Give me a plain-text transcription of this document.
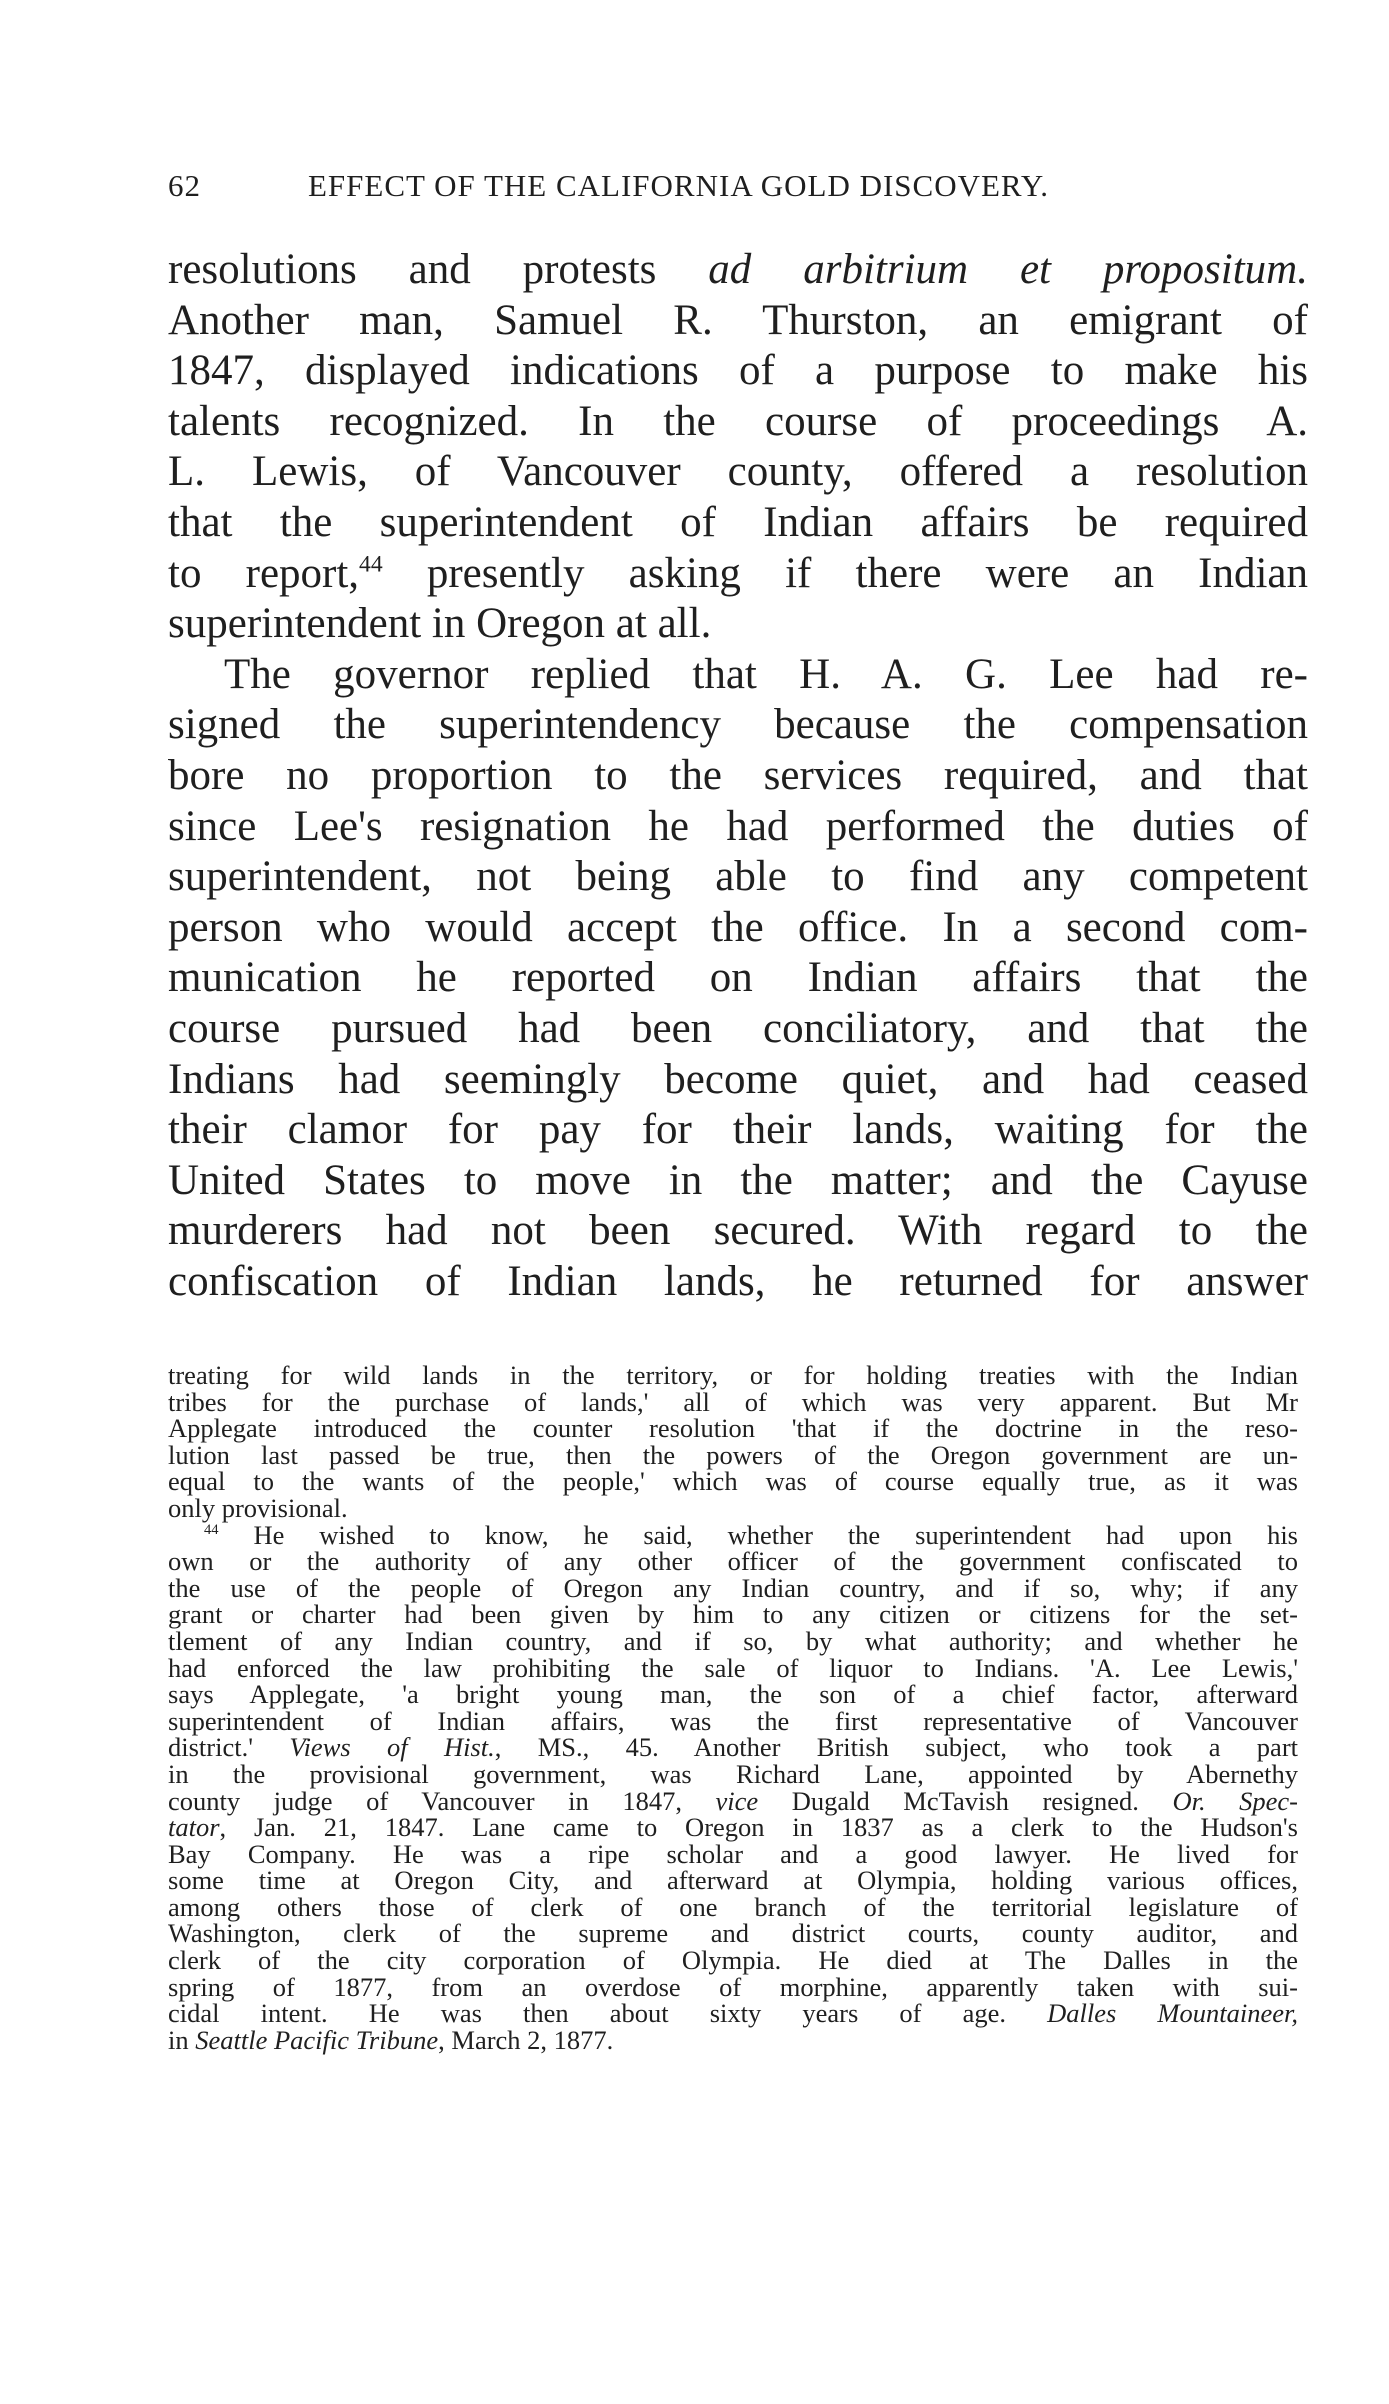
62	EFFECT OF THE CALIFORNIA GOLD DISCOVERY.

resolutions and protests ad arbitrium et propositum.
Another man, Samuel R. Thurston, an emigrant of
1847, displayed indications of a purpose to make his
talents recognized. In the course of proceedings A.
L. Lewis, of Vancouver county, offered a resolution
that the superintendent of Indian affairs be required
to report,$^{44}$ presently asking if there were an Indian
superintendent in Oregon at all.

The governor replied that H. A. G. Lee had re-
signed the superintendency because the compensation
bore no proportion to the services required, and that
since Lee's resignation he had performed the duties of
superintendent, not being able to find any competent
person who would accept the office. In a second com-
munication he reported on Indian affairs that the
course pursued had been conciliatory, and that the
Indians had seemingly become quiet, and had ceased
their clamor for pay for their lands, waiting for the
United States to move in the matter; and the Cayuse
murderers had not been secured. With regard to the
confiscation of Indian lands, he returned for answer

treating for wild lands in the territory, or for holding treaties with the Indian
tribes for the purchase of lands,' all of which was very apparent. But Mr
Applegate introduced the counter resolution 'that if the doctrine in the reso-
lution last passed be true, then the powers of the Oregon government are un-
equal to the wants of the people,' which was of course equally true, as it was
only provisional.

$^{44}$ He wished to know, he said, whether the superintendent had upon his
own or the authority of any other officer of the government confiscated to
the use of the people of Oregon any Indian country, and if so, why; if any
grant or charter had been given by him to any citizen or citizens for the set-
tlement of any Indian country, and if so, by what authority; and whether he
had enforced the law prohibiting the sale of liquor to Indians. 'A. Lee Lewis,'
says Applegate, 'a bright young man, the son of a chief factor, afterward
superintendent of Indian affairs, was the first representative of Vancouver
district.' Views of Hist., MS., 45. Another British subject, who took a part
in the provisional government, was Richard Lane, appointed by Abernethy
county judge of Vancouver in 1847, vice Dugald McTavish resigned. Or. Spec-
tator, Jan. 21, 1847. Lane came to Oregon in 1837 as a clerk to the Hudson's
Bay Company. He was a ripe scholar and a good lawyer. He lived for
some time at Oregon City, and afterward at Olympia, holding various offices,
among others those of clerk of one branch of the territorial legislature of
Washington, clerk of the supreme and district courts, county auditor, and
clerk of the city corporation of Olympia. He died at The Dalles in the
spring of 1877, from an overdose of morphine, apparently taken with sui-
cidal intent. He was then about sixty years of age. Dalles Mountaineer,
in Seattle Pacific Tribune, March 2, 1877.
